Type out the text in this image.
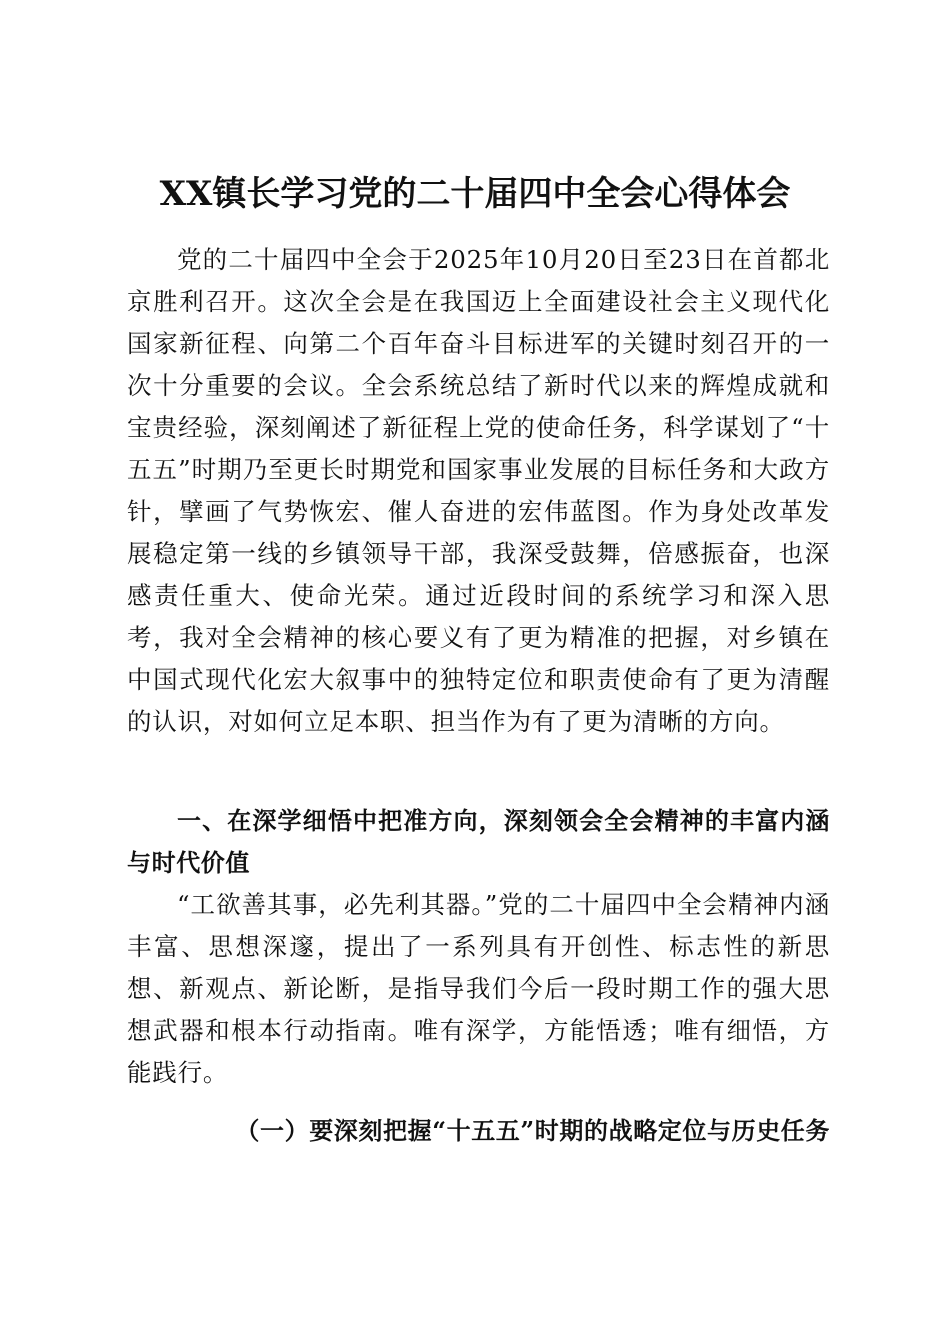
XX镇长学习党的二十届四中全会心得体会

党的二十届四中全会于2025年10月20日至23日在首都北京胜利召开。这次全会是在我国迈上全面建设社会主义现代化国家新征程、向第二个百年奋斗目标进军的关键时刻召开的一次十分重要的会议。全会系统总结了新时代以来的辉煌成就和宝贵经验，深刻阐述了新征程上党的使命任务，科学谋划了“十五五”时期乃至更长时期党和国家事业发展的目标任务和大政方针，擘画了气势恢宏、催人奋进的宏伟蓝图。作为身处改革发展稳定第一线的乡镇领导干部，我深受鼓舞，倍感振奋，也深感责任重大、使命光荣。通过近段时间的系统学习和深入思考，我对全会精神的核心要义有了更为精准的把握，对乡镇在中国式现代化宏大叙事中的独特定位和职责使命有了更为清醒的认识，对如何立足本职、担当作为有了更为清晰的方向。

一、在深学细悟中把准方向，深刻领会全会精神的丰富内涵与时代价值

“工欲善其事，必先利其器。”党的二十届四中全会精神内涵丰富、思想深邃，提出了一系列具有开创性、标志性的新思想、新观点、新论断，是指导我们今后一段时期工作的强大思想武器和根本行动指南。唯有深学，方能悟透；唯有细悟，方能践行。

（一）要深刻把握“十五五”时期的战略定位与历史任务
